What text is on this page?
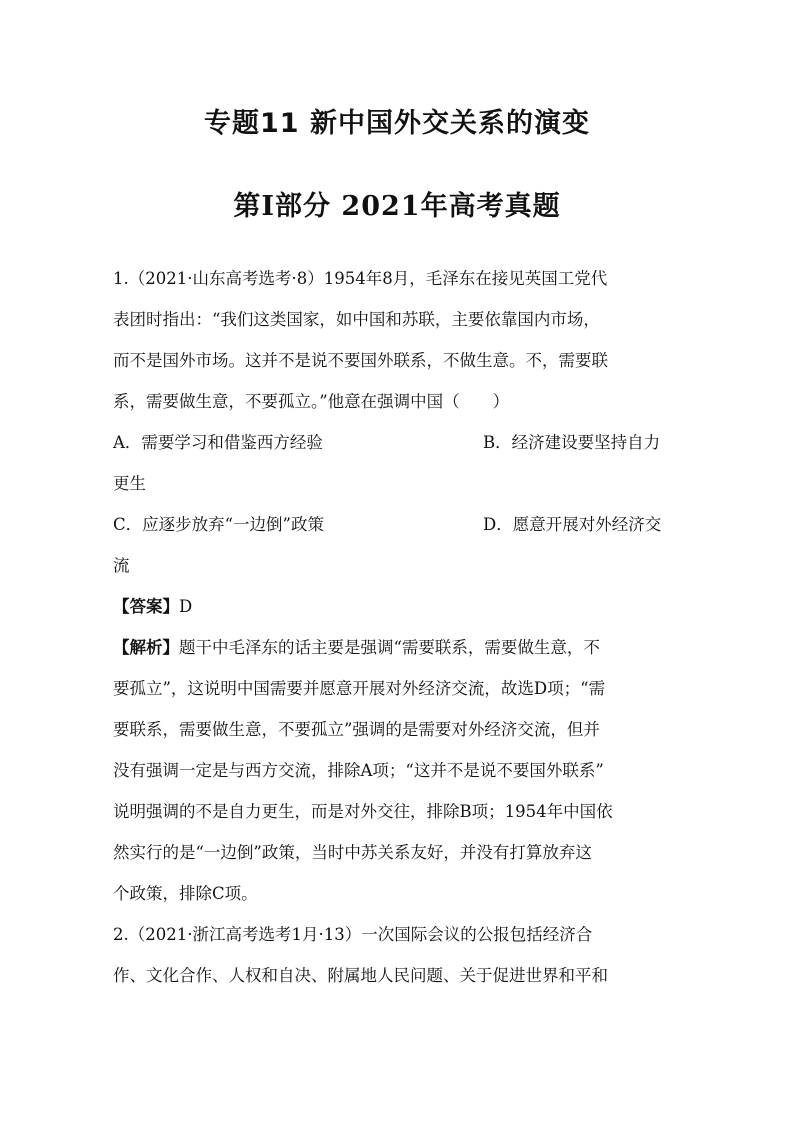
专题11 新中国外交关系的演变
第Ⅰ部分 2021年高考真题
1.（2021·山东高考选考·8）1954年8月，毛泽东在接见英国工党代
表团时指出：“我们这类国家，如中国和苏联，主要依靠国内市场，
而不是国外市场。这并不是说不要国外联系，不做生意。不，需要联
系，需要做生意，不要孤立。”他意在强调中国（　　）
A．需要学习和借鉴西方经验	B．经济建设要坚持自力
更生
C．应逐步放弃“一边倒”政策	D．愿意开展对外经济交
流
【答案】D
【解析】题干中毛泽东的话主要是强调“需要联系，需要做生意，不
要孤立”，这说明中国需要并愿意开展对外经济交流，故选D项；“需
要联系，需要做生意，不要孤立”强调的是需要对外经济交流，但并
没有强调一定是与西方交流，排除A项；“这并不是说不要国外联系”
说明强调的不是自力更生，而是对外交往，排除B项；1954年中国依
然实行的是“一边倒”政策，当时中苏关系友好，并没有打算放弃这
个政策，排除C项。
2.（2021·浙江高考选考1月·13）一次国际会议的公报包括经济合
作、文化合作、人权和自决、附属地人民问题、关于促进世界和平和
